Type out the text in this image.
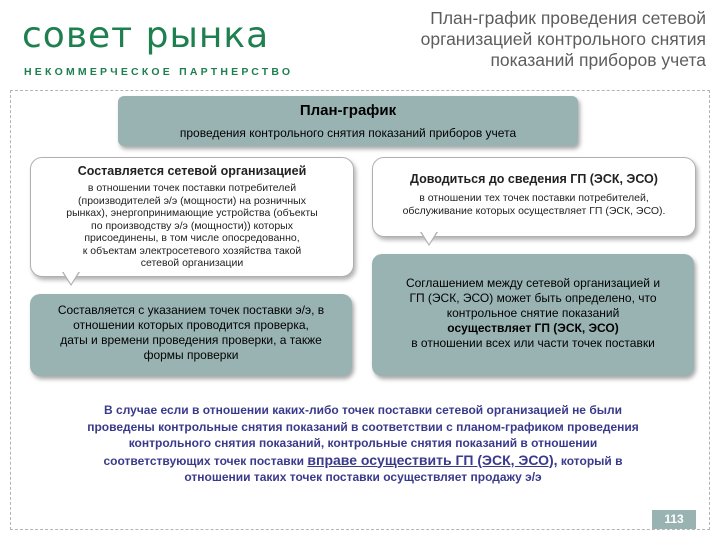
совет рынка
НЕКОММЕРЧЕСКОЕ ПАРТНЕРСТВО
План-график проведения сетевой
организацией контрольного снятия
показаний приборов учета
План-график
проведения контрольного снятия показаний приборов учета
Составляется сетевой организацией
в отношении точек поставки потребителей
(производителей э/э (мощности) на розничных
рынках), энергопринимающие устройства (объекты
по производству э/э (мощности)) которых
присоединены, в том числе опосредованно,
к объектам электросетевого хозяйства такой
сетевой организации
Доводиться до сведения ГП (ЭСК, ЭСО)
в отношении тех точек поставки потребителей,
обслуживание которых осуществляет ГП (ЭСК, ЭСО).
Составляется с указанием точек поставки э/э, в
отношении которых проводится проверка,
даты и времени проведения проверки, а также
формы проверки
Соглашением между сетевой организацией и
ГП (ЭСК, ЭСО) может быть определено, что
контрольное снятие показаний
осуществляет ГП (ЭСК, ЭСО)
в отношении всех или части точек поставки
В случае если в отношении каких-либо точек поставки сетевой организацией не были
проведены контрольные снятия показаний в соответствии с планом-графиком проведения
контрольного снятия показаний, контрольные снятия показаний в отношении
соответствующих точек поставки вправе осуществить ГП (ЭСК, ЭСО), который в
отношении таких точек поставки осуществляет продажу э/э
113
